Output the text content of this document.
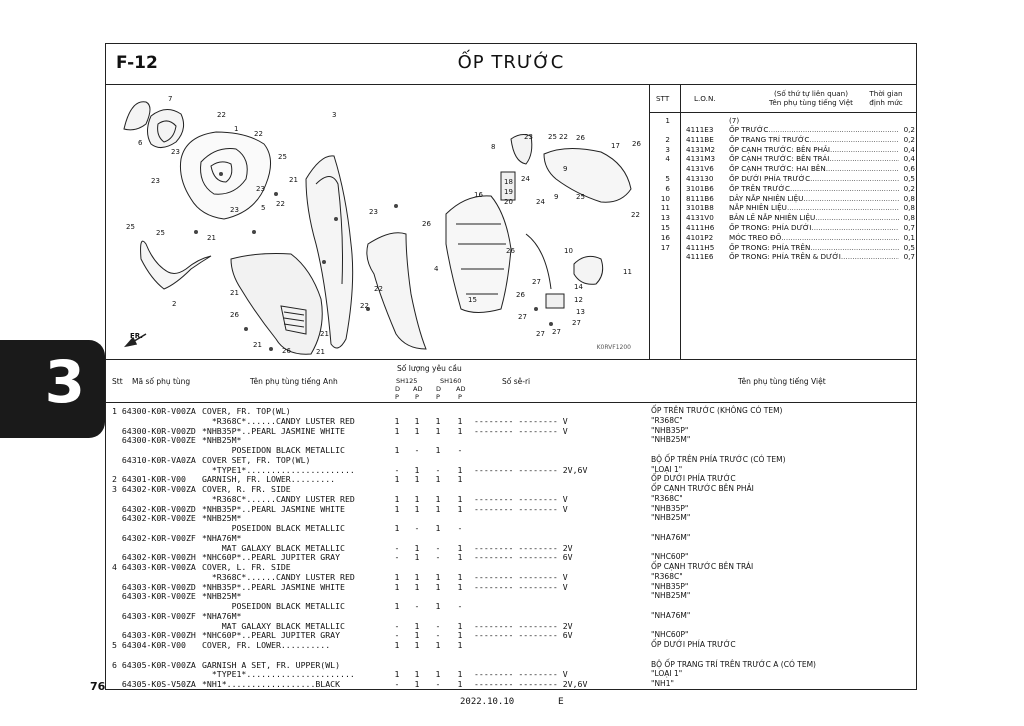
3
76
ỐP TRƯỚC
F-12
7
6
1
22
22
23
23
23
23
25
21
5
21
25
25
2
3
22
23
22
22
4
21
26
21
21
26	21
8
23 25 22 26
17 26
22
18
19
20
16
24
24
9
9
25
26
15
26	10
11
14
12
13
27
26
27
27 27
27
FR.
K0RVF1200
STT	L.O.N.
(Số thứ tự liên quan)
Tên phụ tùng tiếng Việt
Thời gian
định mức
1	(7)
4111E3	ỐP TRƯỚC .....	0,2
2 4111BE	ỐP TRANG TRÍ TRƯỚC .....	0,2
3 4131M2	ỐP CẠNH TRƯỚC: BÊN PHẢI .....	0,4
4 4131M3	ỐP CẠNH TRƯỚC: BÊN TRÁI .....	0,4
4131V6	ỐP CẠNH TRƯỚC: HAI BÊN .....	0,6
5 413130	ỐP DƯỚI PHÍA TRƯỚC .....	0,5
6 3101B6	ỐP TRÊN TRƯỚC .....	0,2
10 8111B6	DÂY NẮP NHIÊN LIỆU .....	0,8
11 3101B8	NẮP NHIÊN LIỆU .....	0,8
13 4131V0	BẢN LỀ NẮP NHIÊN LIỆU .....	0,8
15 4111H6	ỐP TRONG: PHÍA DƯỚI .....	0,7
16 4101P2	MÓC TREO ĐỒ .....	0,1
17 4111H5	ỐP TRONG: PHÍA TRÊN .....	0,5
4111E6	ỐP TRONG: PHÍA TRÊN & DƯỚI .....	0,7
Stt Mã số phụ tùng	Tên phụ tùng tiếng Anh
Số lượng yêu cầu
SH125	SH160
D AD D AD
P P	P	P
Số sê-ri	Tên phụ tùng tiếng Việt
1 64300-K0R-V00ZA COVER, FR. TOP(WL)	ỐP TRÊN TRƯỚC (KHÔNG CÓ TEM)
*R368C*......CANDY LUSTER RED	1 1 1 1 -------- -------- V	"R368C"
64300-K0R-V00ZD *NHB35P*..PEARL JASMINE WHITE	1 1 1 1 -------- -------- V	"NHB35P"
64300-K0R-V00ZE *NHB25M*	"NHB25M"
POSEIDON BLACK METALLIC	1 - 1 -
64310-K0R-VA0ZA COVER SET, FR. TOP(WL)	BỘ ỐP TRÊN PHÍA TRƯỚC (CÓ TEM)
*TYPE1*......................	- 1 - 1 -------- -------- 2V,6V	"LOẠI 1"
2 64301-K0R-V00 GARNISH, FR. LOWER.........	1 1 1 1	ỐP DƯỚI PHÍA TRƯỚC
3 64302-K0R-V00ZA COVER, R. FR. SIDE	ỐP CẠNH TRƯỚC BÊN PHẢI
*R368C*......CANDY LUSTER RED	1 1 1 1 -------- -------- V	"R368C"
64302-K0R-V00ZD *NHB35P*..PEARL JASMINE WHITE	1 1 1 1 -------- -------- V	"NHB35P"
64302-K0R-V00ZE *NHB25M*	"NHB25M"
POSEIDON BLACK METALLIC	1 - 1 -
64302-K0R-V00ZF *NHA76M*	"NHA76M"
MAT GALAXY BLACK METALLIC	- 1 - 1 -------- -------- 2V
64302-K0R-V00ZH *NHC60P*..PEARL JUPITER GRAY	- 1 - 1 -------- -------- 6V	"NHC60P"
4 64303-K0R-V00ZA COVER, L. FR. SIDE	ỐP CẠNH TRƯỚC BÊN TRÁI
*R368C*......CANDY LUSTER RED	1 1 1 1 -------- -------- V	"R368C"
64303-K0R-V00ZD *NHB35P*..PEARL JASMINE WHITE	1 1 1 1 -------- -------- V	"NHB35P"
64303-K0R-V00ZE *NHB25M*	"NHB25M"
POSEIDON BLACK METALLIC	1 - 1 -
64303-K0R-V00ZF *NHA76M*	"NHA76M"
MAT GALAXY BLACK METALLIC	- 1 - 1 -------- -------- 2V
64303-K0R-V00ZH *NHC60P*..PEARL JUPITER GRAY	- 1 - 1 -------- -------- 6V	"NHC60P"
5 64304-K0R-V00 COVER, FR. LOWER..........	1 1 1 1	ỐP DƯỚI PHÍA TRƯỚC
6 64305-K0R-V00ZA GARNISH A SET, FR. UPPER(WL)	BỘ ỐP TRANG TRÍ TRÊN TRƯỚC A (CÓ TEM)
*TYPE1*......................	1 1 1 1 -------- -------- V	"LOẠI 1"
64305-K0S-V50ZA *NH1*..................BLACK	- 1 - 1 -------- -------- 2V,6V	"NH1"
2022.10.10	E
